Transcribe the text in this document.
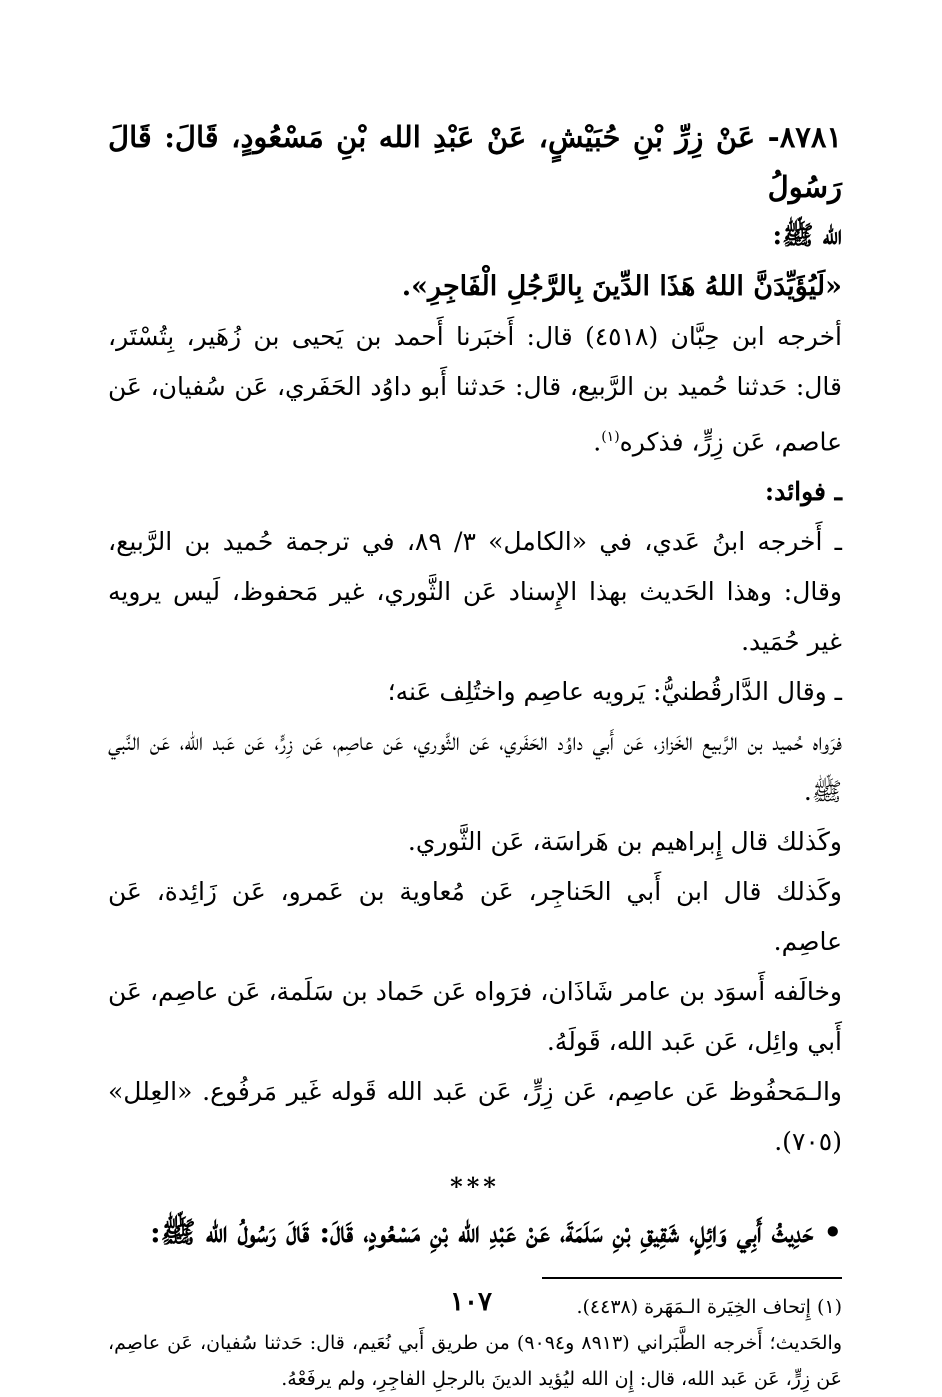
٨٧٨١- عَنْ زِرِّ بْنِ حُبَيْشٍ، عَنْ عَبْدِ الله بْنِ مَسْعُودٍ، قَالَ: قَالَ رَسُولُ

الله ﷺ:

«لَيُؤَيِّدَنَّ اللهُ هَذَا الدِّينَ بِالرَّجُلِ الْفَاجِرِ».

أخرجه ابن حِبَّان (٤٥١٨) قال: أَخبَرنا أَحمد بن يَحيى بن زُهَير، بِتُسْتَر، قال: حَدثنا حُميد بن الرَّبيع، قال: حَدثنا أَبو داوُد الحَفَري، عَن سُفيان، عَن عاصم، عَن زِرٍّ، فذكره$^{(١)}$.

ـ فوائد:

ـ أَخرجه ابنُ عَدي، في «الكامل» ٣/ ٨٩، في ترجمة حُميد بن الرَّبيع، وقال: وهذا الحَديث بهذا الإِسناد عَن الثَّوري، غير مَحفوظ، لَيس يرويه غير حُمَيد.

ـ وقال الدَّارقُطنيُّ: يَرويه عاصِم واختُلِف عَنه؛

فرَواه حُميد بن الرَّبيع الخَزاز، عَن أَبي داوُد الحَفَري، عَن الثَّوري، عَن عاصِم، عَن زِرٍّ، عَن عَبد الله، عَن النَّبي ﷺ.

وكَذلك قال إِبراهيم بن هَراسَة، عَن الثَّوري.

وكَذلك قال ابن أَبي الحَناجِر، عَن مُعاوية بن عَمرو، عَن زَائِدة، عَن عاصِم.

وخالَفه أَسوَد بن عامر شَاذَان، فرَواه عَن حَماد بن سَلَمة، عَن عاصِم، عَن أَبي وائِل، عَن عَبد الله، قَولَهُ.

والـمَحفُوظ عَن عاصِم، عَن زِرٍّ، عَن عَبد الله قَوله غَير مَرفُوع. «العِلل» (٧٠٥).

***

• حَدِيثُ أَبِي وَائِلٍ، شَقِيقِ بْنِ سَلَمَةَ، عَنْ عَبْدِ الله بْنِ مَسْعُودٍ، قَالَ: قَالَ رَسُولُ الله ﷺ:

(١) إِتحاف الخِيَرة الـمَهَرة (٤٤٣٨).

والحَديث؛ أَخرجه الطَّبَراني (٨٩١٣ و٩٠٩٤) من طريق أَبي نُعَيم، قال: حَدثنا سُفيان، عَن عاصِم، عَن زِرٍّ، عَن عَبد الله، قال: إِن الله ليُؤيد الدينَ بالرجلِ الفاجِرِ، ولم يرفَعْهُ.

١٠٧
